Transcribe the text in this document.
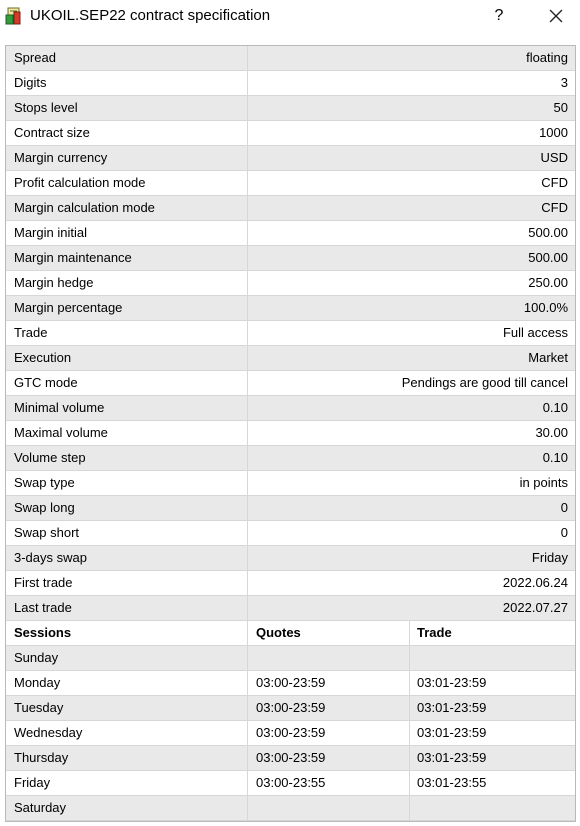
UKOIL.SEP22 contract specification	?
Spread	floating
Digits	3
Stops level	50
Contract size	1000
Margin currency	USD
Profit calculation mode	CFD
Margin calculation mode	CFD
Margin initial	500.00
Margin maintenance	500.00
Margin hedge	250.00
Margin percentage	100.0%
Trade	Full access
Execution	Market
GTC mode	Pendings are good till cancel
Minimal volume	0.10
Maximal volume	30.00
Volume step	0.10
Swap type	in points
Swap long	0
Swap short	0
3-days swap	Friday
First trade	2022.06.24
Last trade	2022.07.27
Sessions	Quotes	Trade
Sunday
Monday	03:00-23:59	03:01-23:59
Tuesday	03:00-23:59	03:01-23:59
Wednesday	03:00-23:59	03:01-23:59
Thursday	03:00-23:59	03:01-23:59
Friday	03:00-23:55	03:01-23:55
Saturday
